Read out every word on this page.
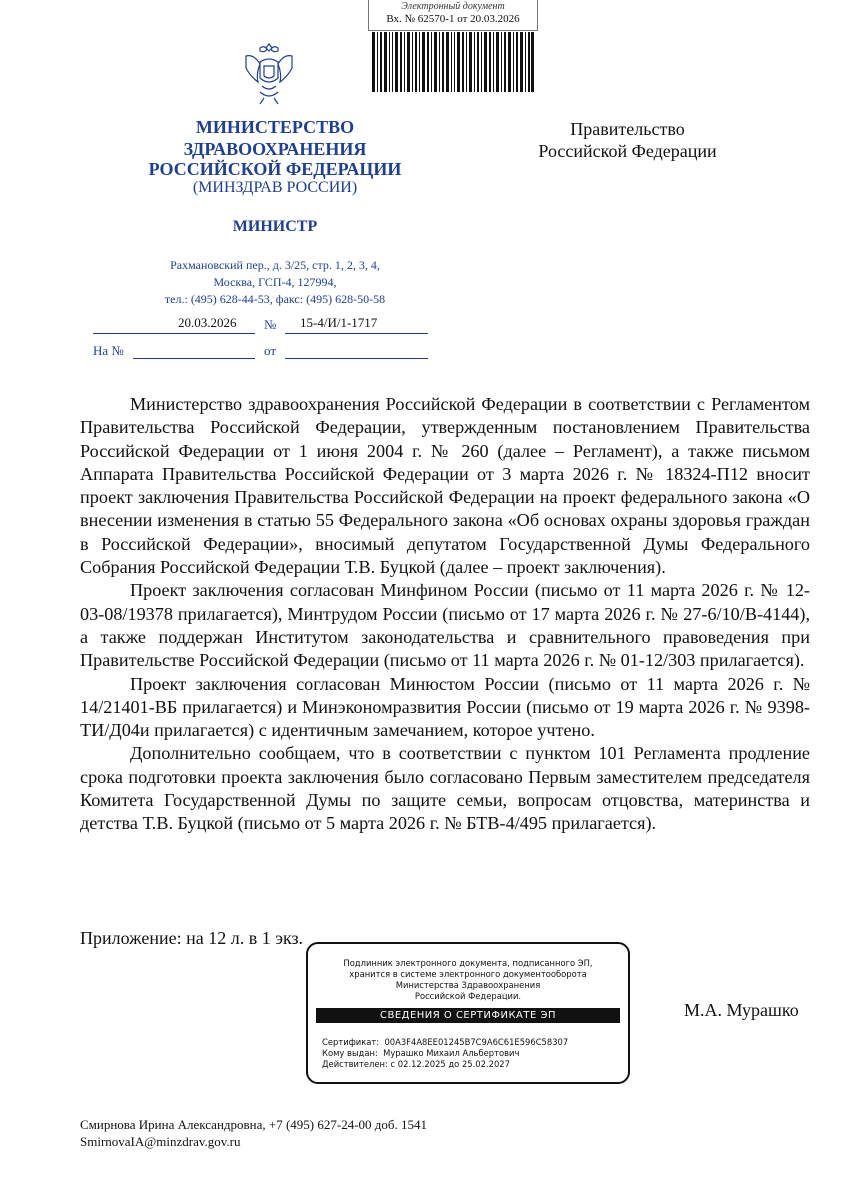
Электронный документ
Вх. № 62570-1 от 20.03.2026
МИНИСТЕРСТВО
ЗДРАВООХРАНЕНИЯ
РОССИЙСКОЙ ФЕДЕРАЦИИ
(МИНЗДРАВ РОССИИ)
МИНИСТР
Рахмановский пер., д. 3/25, стр. 1, 2, 3, 4,
Москва, ГСП-4, 127994,
тел.: (495) 628-44-53, факс: (495) 628-50-58
20.03.2026 № 15-4/И/1-1717
На №	от
Правительство
Российской Федерации

Министерство здравоохранения Российской Федерации в соответствии с Регламентом Правительства Российской Федерации, утвержденным постановлением Правительства Российской Федерации от 1 июня 2004 г. № 260 (далее – Регламент), а также письмом Аппарата Правительства Российской Федерации от 3 марта 2026 г. № 18324-П12 вносит проект заключения Правительства Российской Федерации на проект федерального закона «О внесении изменения в статью 55 Федерального закона «Об основах охраны здоровья граждан в Российской Федерации», вносимый депутатом Государственной Думы Федерального Собрания Российской Федерации Т.В. Буцкой (далее – проект заключения).

Проект заключения согласован Минфином России (письмо от 11 марта 2026 г. № 12-03-08/19378 прилагается), Минтрудом России (письмо от 17 марта 2026 г. № 27-6/10/В-4144), а также поддержан Институтом законодательства и сравнительного правоведения при Правительстве Российской Федерации (письмо от 11 марта 2026 г. № 01-12/303 прилагается).

Проект заключения согласован Минюстом России (письмо от 11 марта 2026 г. № 14/21401-ВБ прилагается) и Минэкономразвития России (письмо от 19 марта 2026 г. № 9398-ТИ/Д04и прилагается) с идентичным замечанием, которое учтено.

Дополнительно сообщаем, что в соответствии с пунктом 101 Регламента продление срока подготовки проекта заключения было согласовано Первым заместителем председателя Комитета Государственной Думы по защите семьи, вопросам отцовства, материнства и детства Т.В. Буцкой (письмо от 5 марта 2026 г. № БТВ-4/495 прилагается).

Приложение: на 12 л. в 1 экз.
Подлинник электронного документа, подписанного ЭП,
хранится в системе электронного документооборота
Министерства Здравоохранения
Российской Федерации.
СВЕДЕНИЯ О СЕРТИФИКАТЕ ЭП
Сертификат: 00A3F4A8EE01245B7C9A6C61E596C58307
Кому выдан: Мурашко Михаил Альбертович
Действителен: с 02.12.2025 до 25.02.2027
М.А. Мурашко
Смирнова Ирина Александровна, +7 (495) 627-24-00 доб. 1541
SmirnovaIA@minzdrav.gov.ru
